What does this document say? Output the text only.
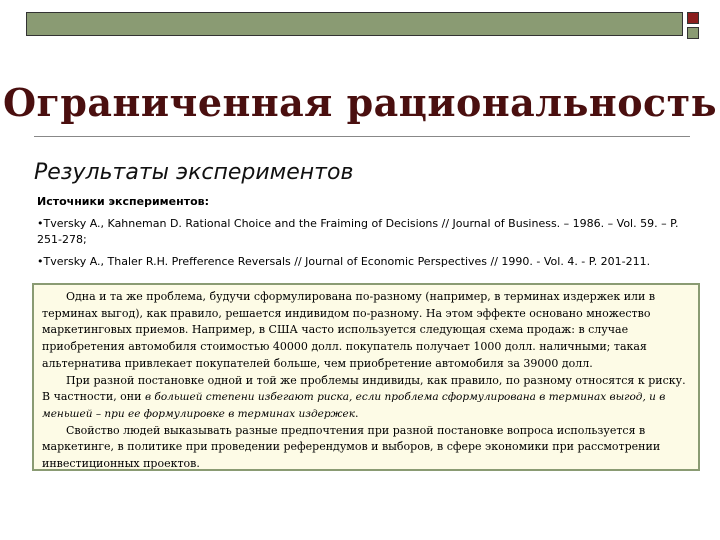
Ограниченная рациональность
Результаты экспериментов
Источники экспериментов:
•Tversky A., Kahneman D. Rational Choice and the Fraiming of Decisions // Journal of Business. – 1986. – Vol. 59. – P. 251-278;
•Tversky A., Thaler R.H. Prefference Reversals // Journal of Economic Perspectives // 1990. - Vol. 4. - P. 201-211.

Одна и та же проблема, будучи сформулирована по-разному (например, в терминах издержек или в терминах выгод), как правило, решается индивидом по-разному. На этом эффекте основано множество маркетинговых приемов. Например, в США часто используется следующая схема продаж: в случае приобретения автомобиля стоимостью 40000 долл. покупатель получает 1000 долл. наличными; такая альтернатива привлекает покупателей больше, чем приобретение автомобиля за 39000 долл.

При разной постановке одной и той же проблемы индивиды, как правило, по разному относятся к риску. В частности, они в большей степени избегают риска, если проблема сформулирована в терминах выгод, и в меньшей – при ее формулировке в терминах издержек.

Свойство людей выказывать разные предпочтения при разной постановке вопроса используется в маркетинге, в политике при проведении референдумов и выборов, в сфере экономики при рассмотрении инвестиционных проектов.
